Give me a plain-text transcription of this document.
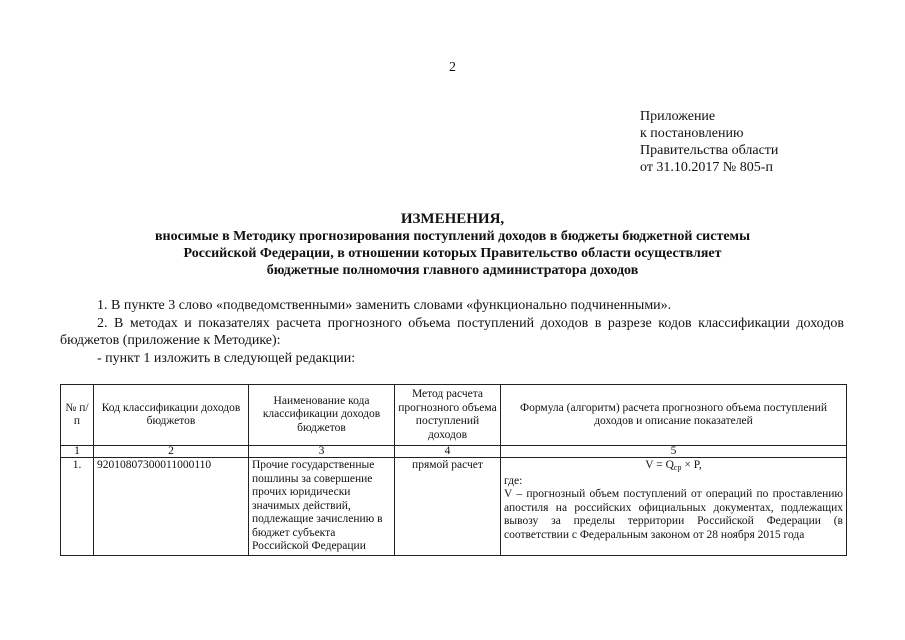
2
Приложение
к постановлению
Правительства области
от 31.10.2017 № 805-п
ИЗМЕНЕНИЯ,
вносимые в Методику прогнозирования поступлений доходов в бюджеты бюджетной системы
Российской Федерации, в отношении которых Правительство области осуществляет
бюджетные полномочия главного администратора доходов

1. В пункте 3 слово «подведомственными» заменить словами «функционально подчиненными».

2. В методах и показателях расчета прогнозного объема поступлений доходов в разрезе кодов классификации доходов бюджетов (приложение к Методике):

- пункт 1 изложить в следующей редакции:

№ п/п	Код классификации доходов бюджетов	Наименование кода классификации доходов бюджетов	Метод расчета прогнозного объема поступлений доходов	Формула (алгоритм) расчета прогнозного объема поступлений доходов и описание показателей
1	2	3	4	5
1.	92010807300011000110	Прочие государственные пошлины за совершение прочих юридически значимых действий, подлежащие зачислению в бюджет субъекта Российской Федерации	прямой расчет	$V = Q_{ср} \times P$,
где:
V – прогнозный объем поступлений от операций по проставлению апостиля на российских официальных документах, подлежащих вывозу за пределы территории Российской Федерации (в соответствии с Федеральным законом от 28 ноября 2015 года
